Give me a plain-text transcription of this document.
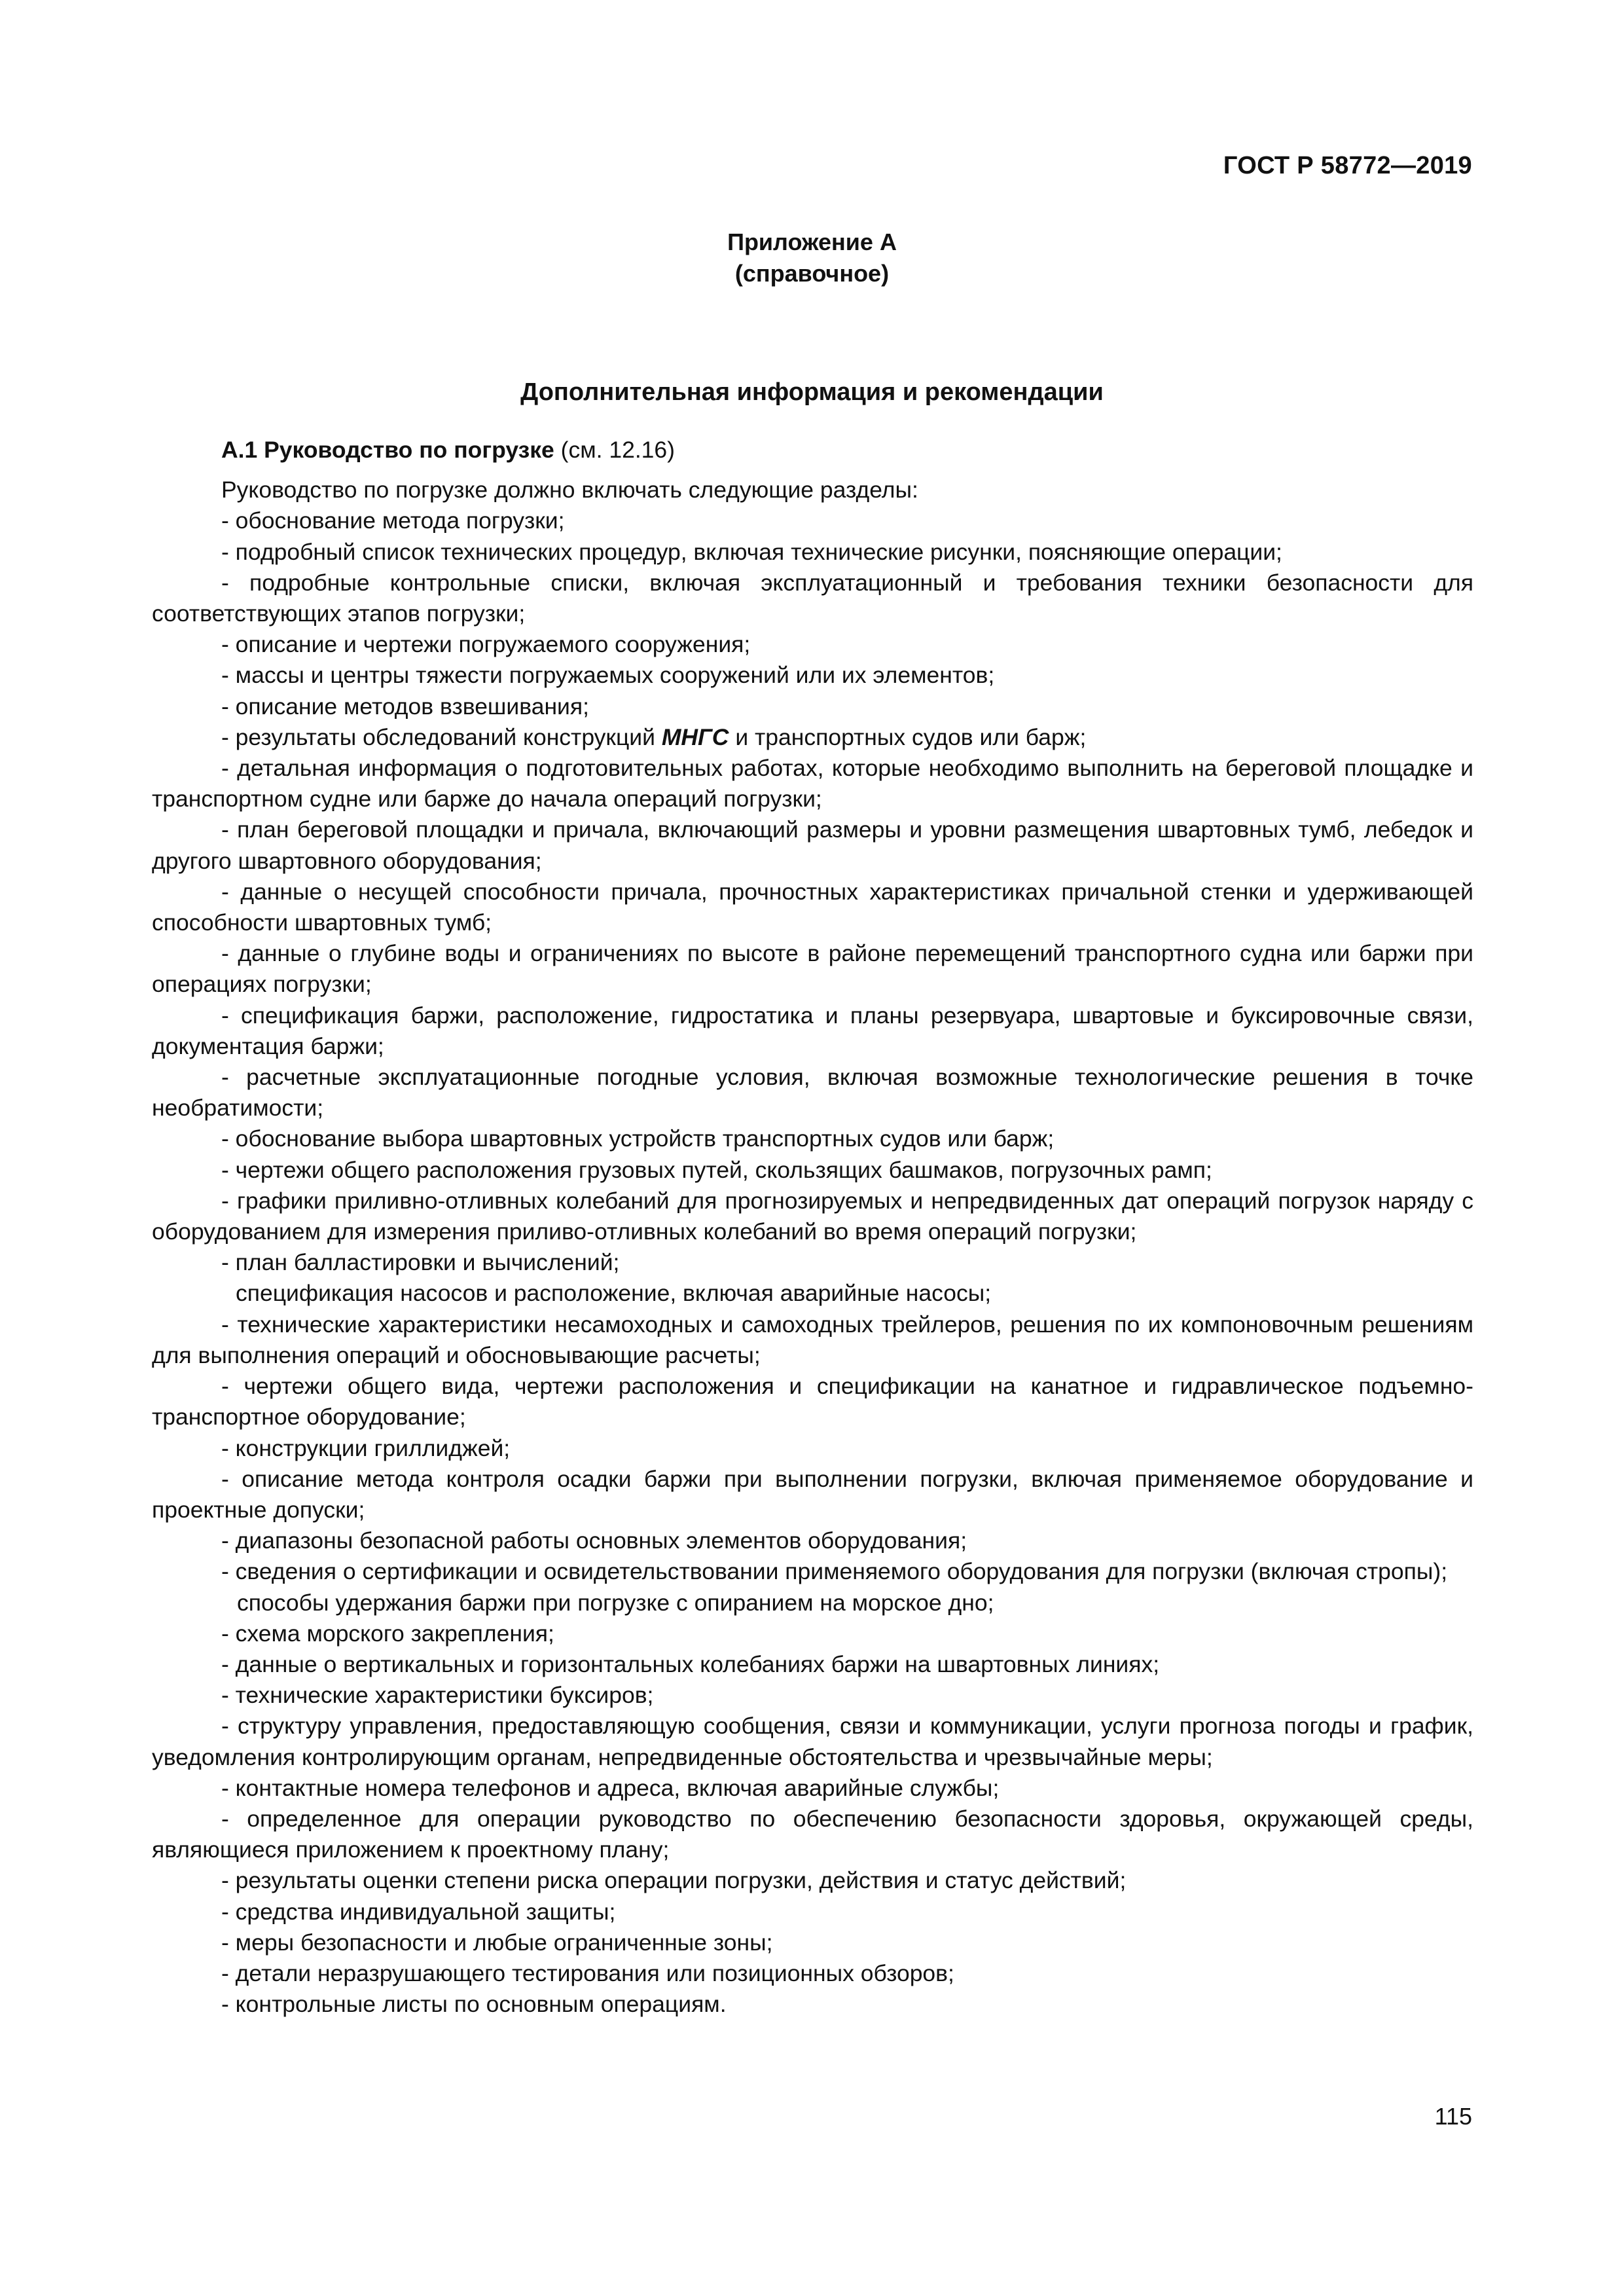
ГОСТ Р 58772—2019
Приложение А
(справочное)
Дополнительная информация и рекомендации
А.1 Руководство по погрузке (см. 12.16)

Руководство по погрузке должно включать следующие разделы:

- обоснование метода погрузки;

- подробный список технических процедур, включая технические рисунки, поясняющие операции;

- подробные контрольные списки, включая эксплуатационный и требования техники безопасности для соответствующих этапов погрузки;

- описание и чертежи погружаемого сооружения;

- массы и центры тяжести погружаемых сооружений или их элементов;

- описание методов взвешивания;

- результаты обследований конструкций МНГС и транспортных судов или барж;

- детальная информация о подготовительных работах, которые необходимо выполнить на береговой площадке и транспортном судне или барже до начала операций погрузки;

- план береговой площадки и причала, включающий размеры и уровни размещения швартовных тумб, лебедок и другого швартовного оборудования;

- данные о несущей способности причала, прочностных характеристиках причальной стенки и удерживающей способности швартовных тумб;

- данные о глубине воды и ограничениях по высоте в районе перемещений транспортного судна или баржи при операциях погрузки;

- спецификация баржи, расположение, гидростатика и планы резервуара, швартовые и буксировочные связи, документация баржи;

- расчетные эксплуатационные погодные условия, включая возможные технологические решения в точке необратимости;

- обоснование выбора швартовных устройств транспортных судов или барж;

- чертежи общего расположения грузовых путей, скользящих башмаков, погрузочных рамп;

- графики приливно-отливных колебаний для прогнозируемых и непредвиденных дат операций погрузок наряду с оборудованием для измерения приливо-отливных колебаний во время операций погрузки;

- план балластировки и вычислений;

спецификация насосов и расположение, включая аварийные насосы;

- технические характеристики несамоходных и самоходных трейлеров, решения по их компоновочным решениям для выполнения операций и обосновывающие расчеты;

- чертежи общего вида, чертежи расположения и спецификации на канатное и гидравлическое подъемно-транспортное оборудование;

- конструкции гриллиджей;

- описание метода контроля осадки баржи при выполнении погрузки, включая применяемое оборудование и проектные допуски;

- диапазоны безопасной работы основных элементов оборудования;

- сведения о сертификации и освидетельствовании применяемого оборудования для погрузки (включая стропы);

способы удержания баржи при погрузке с опиранием на морское дно;

- схема морского закрепления;

- данные о вертикальных и горизонтальных колебаниях баржи на швартовных линиях;

- технические характеристики буксиров;

- структуру управления, предоставляющую сообщения, связи и коммуникации, услуги прогноза погоды и график, уведомления контролирующим органам, непредвиденные обстоятельства и чрезвычайные меры;

- контактные номера телефонов и адреса, включая аварийные службы;

- определенное для операции руководство по обеспечению безопасности здоровья, окружающей среды, являющиеся приложением к проектному плану;

- результаты оценки степени риска операции погрузки, действия и статус действий;

- средства индивидуальной защиты;

- меры безопасности и любые ограниченные зоны;

- детали неразрушающего тестирования или позиционных обзоров;

- контрольные листы по основным операциям.

115
